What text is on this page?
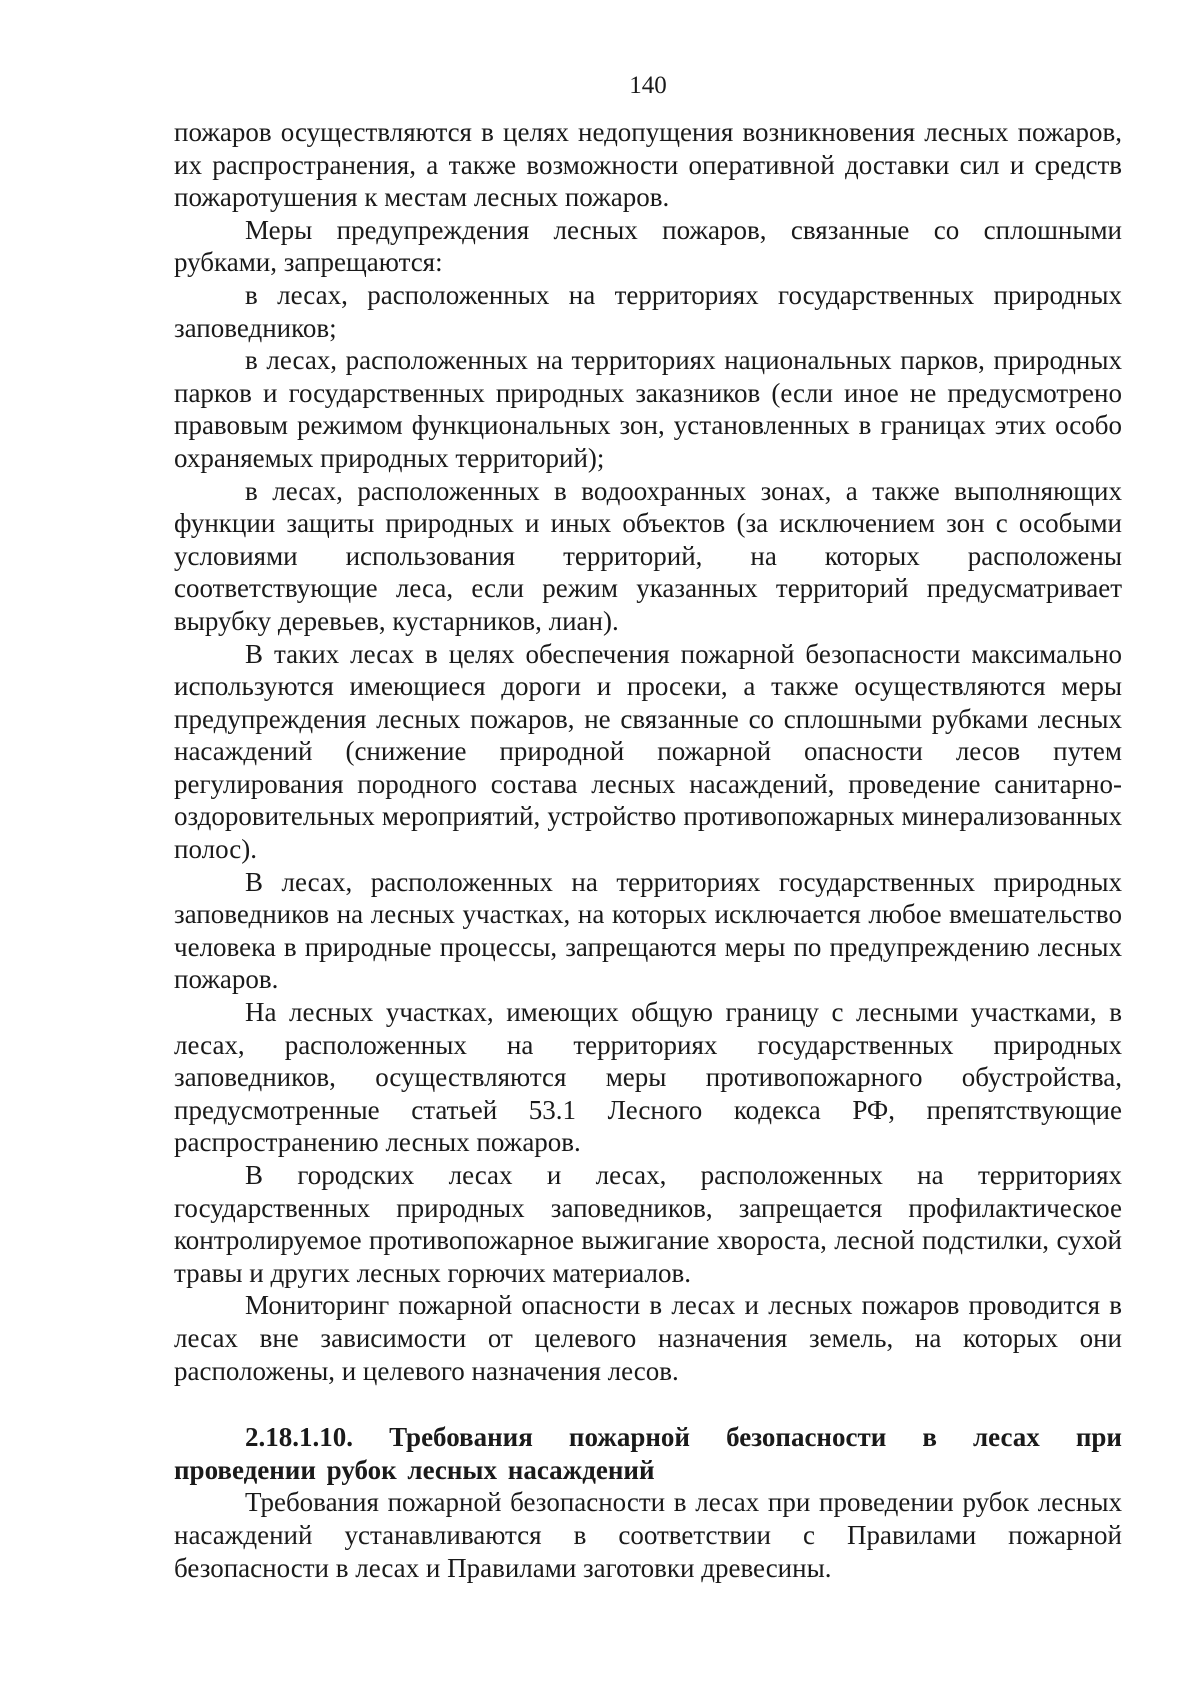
140

пожаров осуществляются в целях недопущения возникновения лесных пожаров, их распространения, а также возможности оперативной доставки сил и средств пожаротушения к местам лесных пожаров.

Меры предупреждения лесных пожаров, связанные со сплошными рубками, запрещаются:

в лесах, расположенных на территориях государственных природных заповедников;

в лесах, расположенных на территориях национальных парков, природных парков и государственных природных заказников (если иное не предусмотрено правовым режимом функциональных зон, установленных в границах этих особо охраняемых природных территорий);

в лесах, расположенных в водоохранных зонах, а также выполняющих функции защиты природных и иных объектов (за исключением зон с особыми условиями использования территорий, на которых расположены соответствующие леса, если режим указанных территорий предусматривает вырубку деревьев, кустарников, лиан).

В таких лесах в целях обеспечения пожарной безопасности максимально используются имеющиеся дороги и просеки, а также осуществляются меры предупреждения лесных пожаров, не связанные со сплошными рубками лесных насаждений (снижение природной пожарной опасности лесов путем регулирования породного состава лесных насаждений, проведение санитарно-оздоровительных мероприятий, устройство противопожарных минерализованных полос).

В лесах, расположенных на территориях государственных природных заповедников на лесных участках, на которых исключается любое вмешательство человека в природные процессы, запрещаются меры по предупреждению лесных пожаров.

На лесных участках, имеющих общую границу с лесными участками, в лесах, расположенных на территориях государственных природных заповедников, осуществляются меры противопожарного обустройства, предусмотренные статьей 53.1 Лесного кодекса РФ, препятствующие распространению лесных пожаров.

В городских лесах и лесах, расположенных на территориях государственных природных заповедников, запрещается профилактическое контролируемое противопожарное выжигание хвороста, лесной подстилки, сухой травы и других лесных горючих материалов.

Мониторинг пожарной опасности в лесах и лесных пожаров проводится в лесах вне зависимости от целевого назначения земель, на которых они расположены, и целевого назначения лесов.

2.18.1.10. Требования пожарной безопасности в лесах при проведении рубок лесных насаждений

Требования пожарной безопасности в лесах при проведении рубок лесных насаждений устанавливаются в соответствии с Правилами пожарной безопасности в лесах и Правилами заготовки древесины.
